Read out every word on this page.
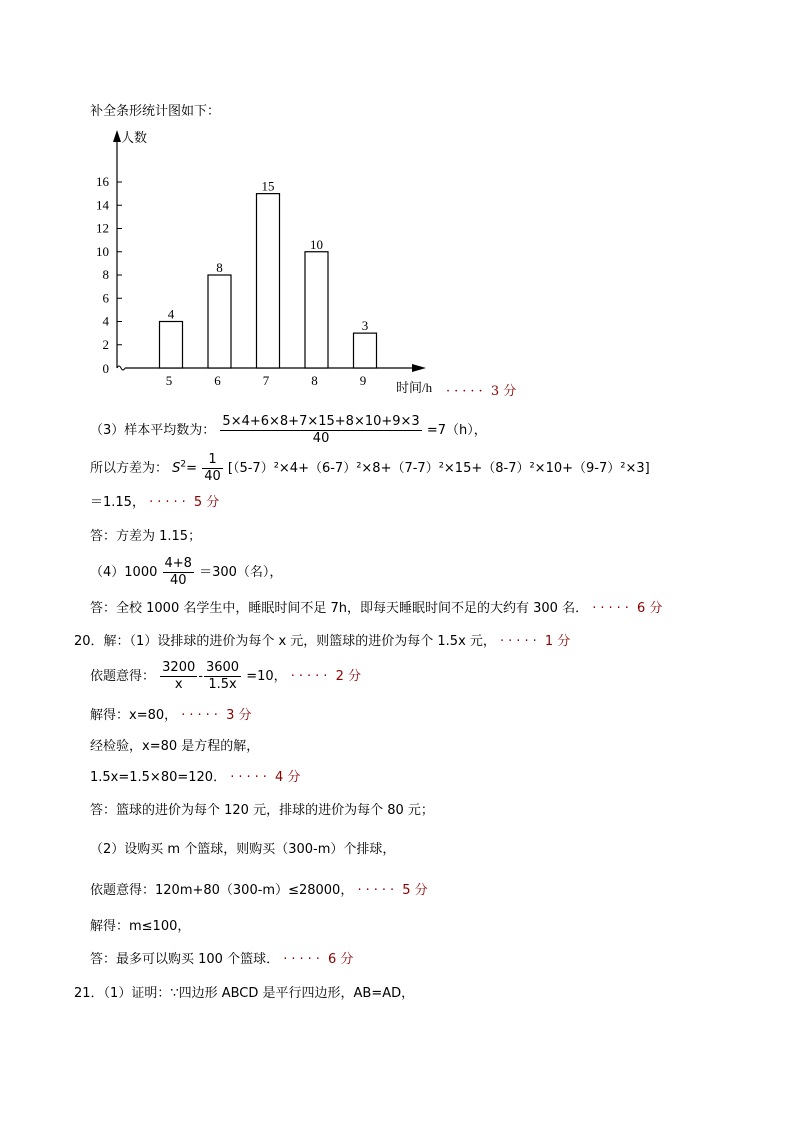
补全条形统计图如下：
人数
时间/h
0
2
4
6
8
10
12
14
16
4
5
8
6
15
7
10
8
3
9
····· 3 分
（3）样本平均数为： $\frac{5\times 4+6\times 8+7\times 15+8\times 10+9\times 3}{40} =7(h)$，
所以方差为： $S^2= \frac{1}{40} [(5-7)^2\times 4+(6-7)^2\times 8+(7-7)^2\times 15+(8-7)^2\times 10+(9-7)^2\times 3]$
＝1.15， ····· 5 分
答：方差为 1.15；
$(4)1000 \frac{4+8}{40} =300$（名），
答：全校 1000 名学生中，睡眠时间不足 7h，即每天睡眠时间不足的大约有 300 名． ····· 6 分
20．解：（1）设排球的进价为每个 x 元，则篮球的进价为每个 1.5x 元， ····· 1 分
依题意得： $\frac{3200}{x} - \frac{3600}{1.5x} =10$， ····· 2 分
解得：x=80， ····· 3 分
经检验，x=80 是方程的解，
1.5x=1.5×80=120． ····· 4 分
答：篮球的进价为每个 120 元，排球的进价为每个 80 元；
（2）设购买 m 个篮球，则购买（300-m）个排球，
依题意得：120m+80（300-m）≤28000， ····· 5 分
解得：m≤100，
答：最多可以购买 100 个篮球． ····· 6 分
21．（1）证明：∵四边形 ABCD 是平行四边形，AB=AD，
